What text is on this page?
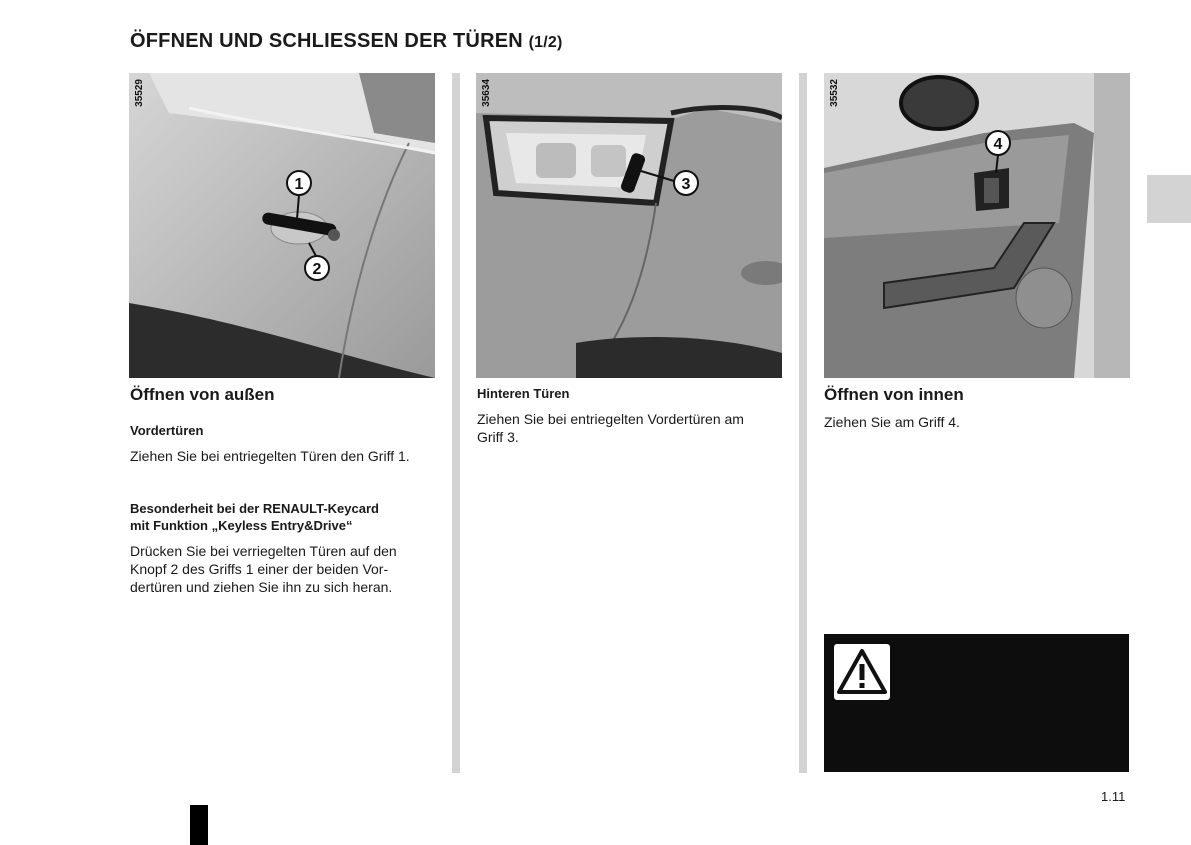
ÖFFNEN UND SCHLIESSEN DER TÜREN (1/2)
1
2
35529
3
35634
4
35532
Öffnen von außen
Vordertüren
Ziehen Sie bei entriegelten Türen den Griff 1.
Besonderheit bei der RENAULT-Keycard
mit Funktion „Keyless Entry&Drive“
Drücken Sie bei verriegelten Türen auf den
Knopf 2 des Griffs 1 einer der beiden Vor-
dertüren und ziehen Sie ihn zu sich heran.
Hinteren Türen
Ziehen Sie bei entriegelten Vordertüren am
Griff 3.
Öffnen von innen
Ziehen Sie am Griff 4.
1.11
